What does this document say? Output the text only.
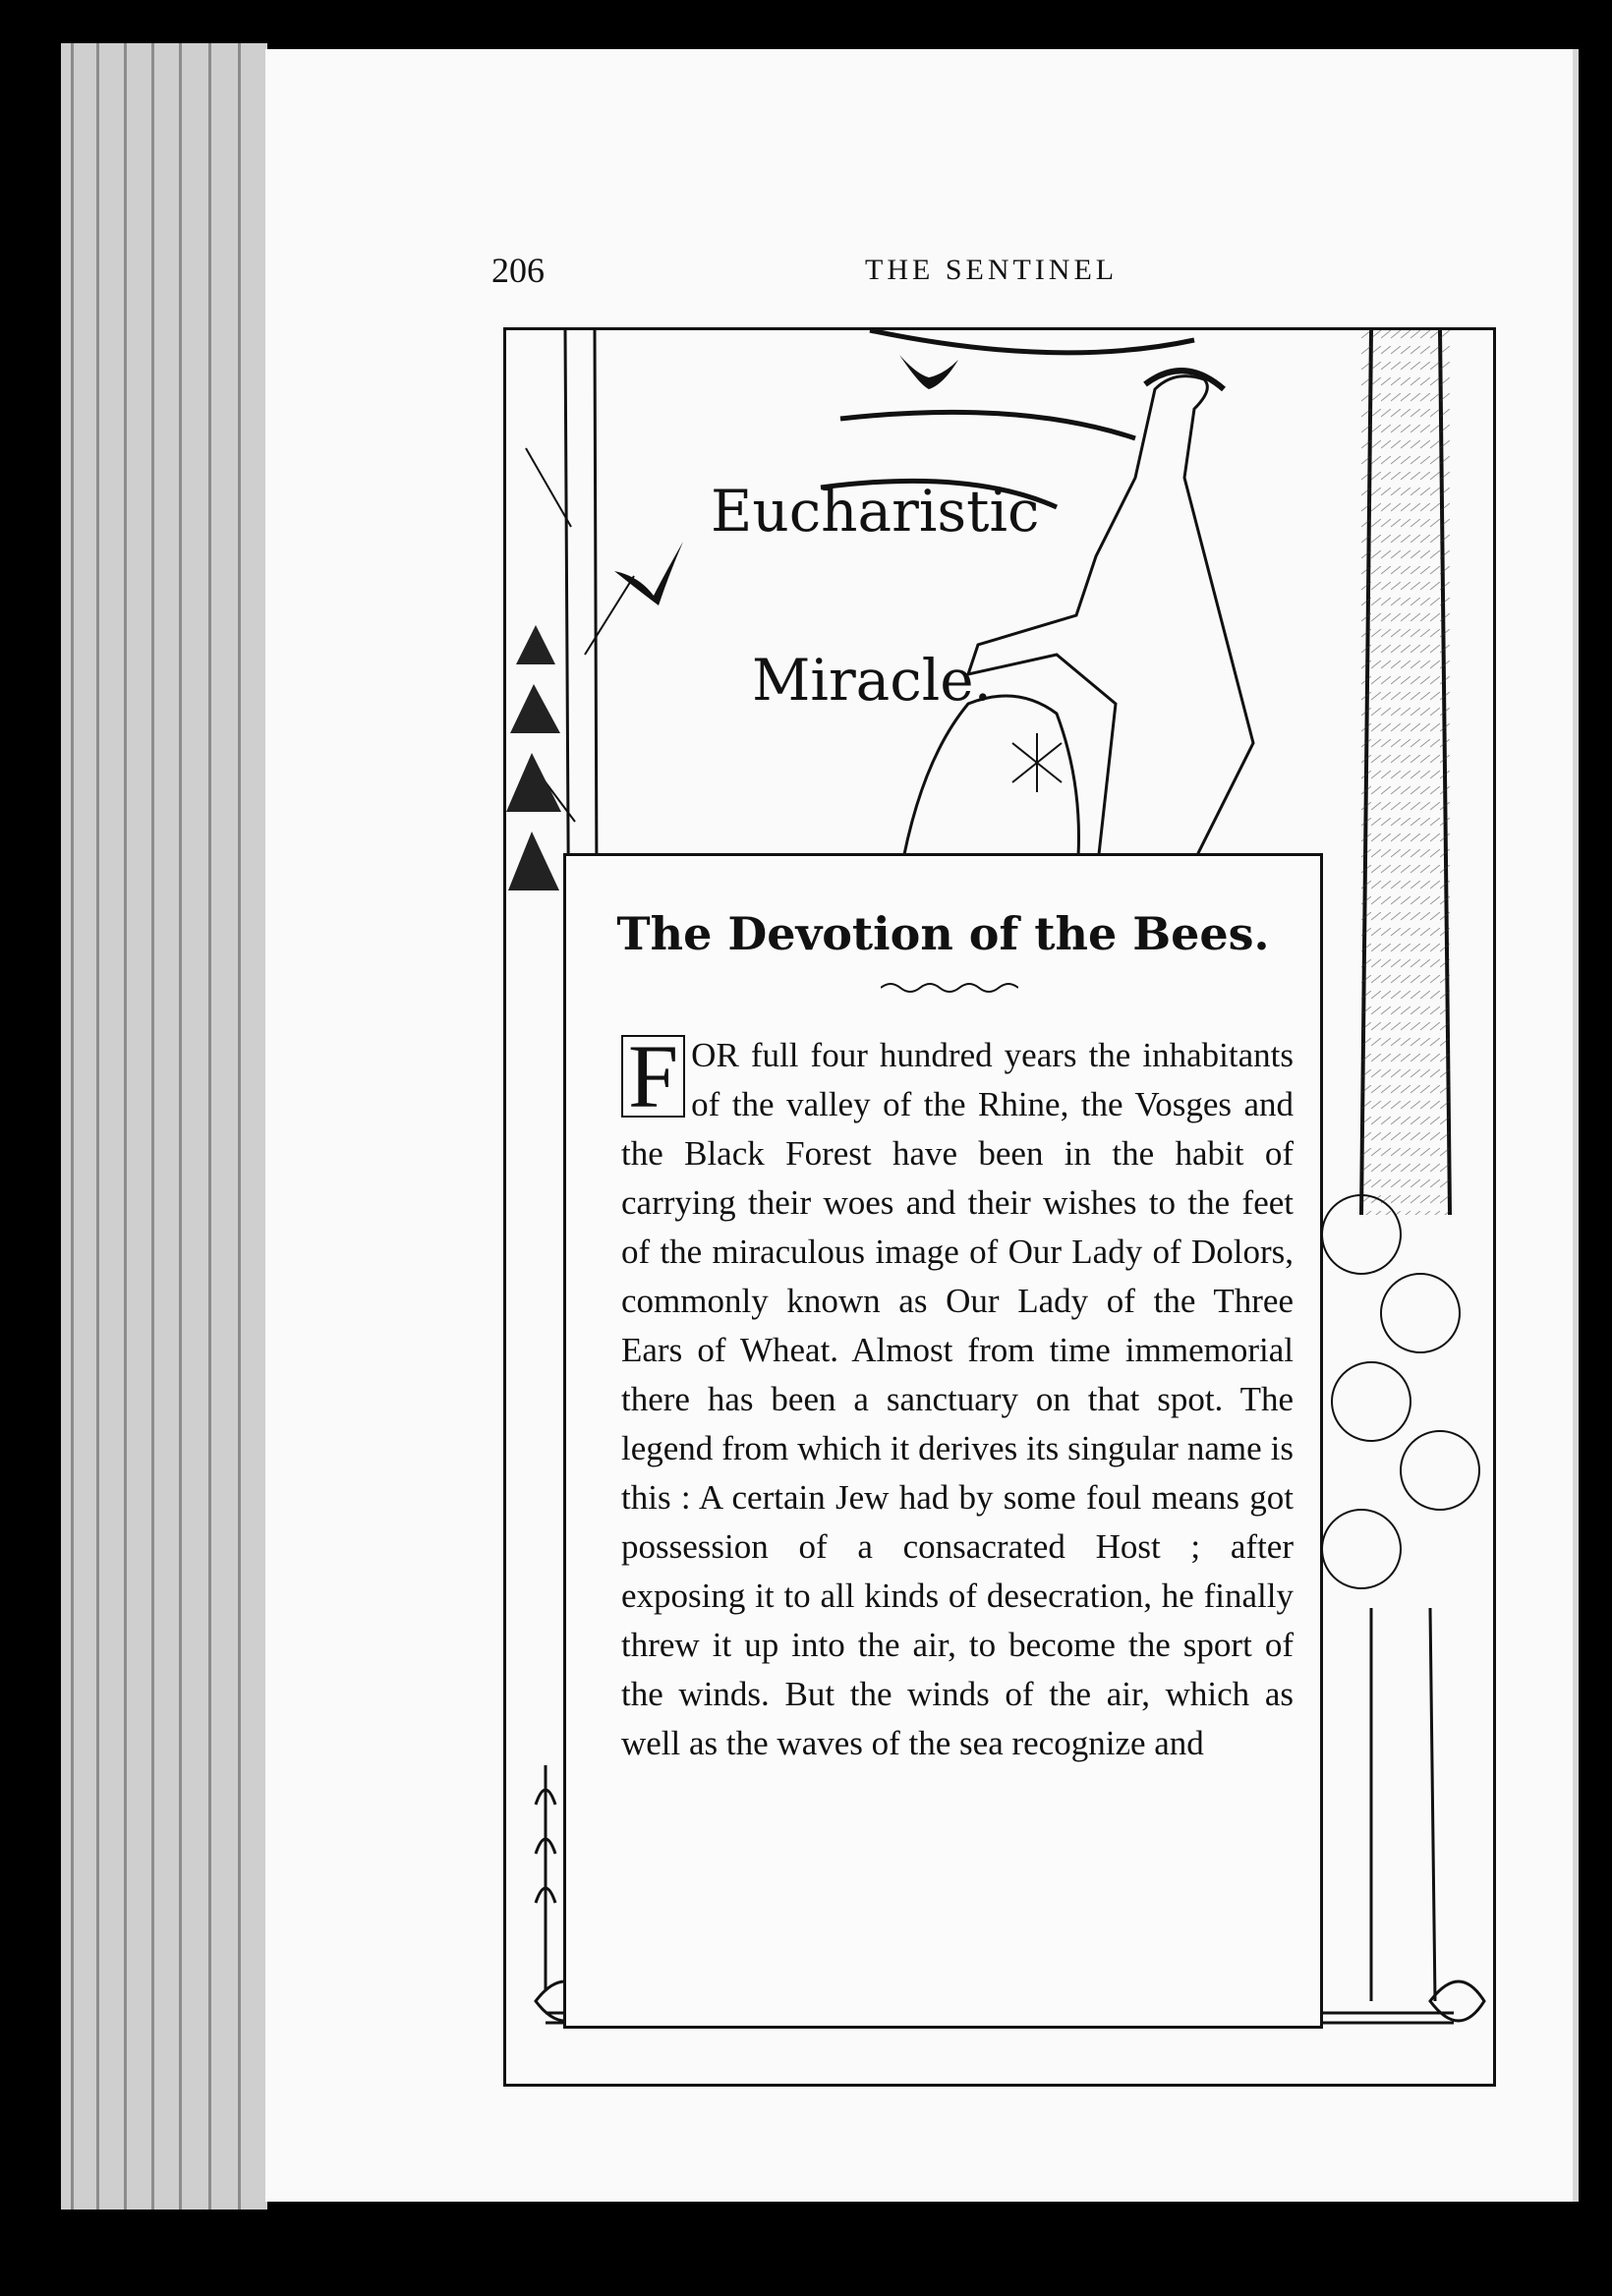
206	THE SENTINEL
Eucharistic
Miracle.
The Devotion of the Bees.
F OR full four hundred years the inhabitants of the valley of the Rhine, the Vosges and the Black Forest have been in the habit of carrying their woes and their wishes to the feet of the miraculous image of Our Lady of Dolors, commonly known as Our Lady of the Three Ears of Wheat. Almost from time immemorial there has been a sanctuary on that spot. The legend from which it derives its singular name is this : A certain Jew had by some foul means got possession of a consacrated Host ; after exposing it to all kinds of desecration, he finally threw it up into the air, to become the sport of the winds. But the winds of the air, which as well as the waves of the sea recognize and
